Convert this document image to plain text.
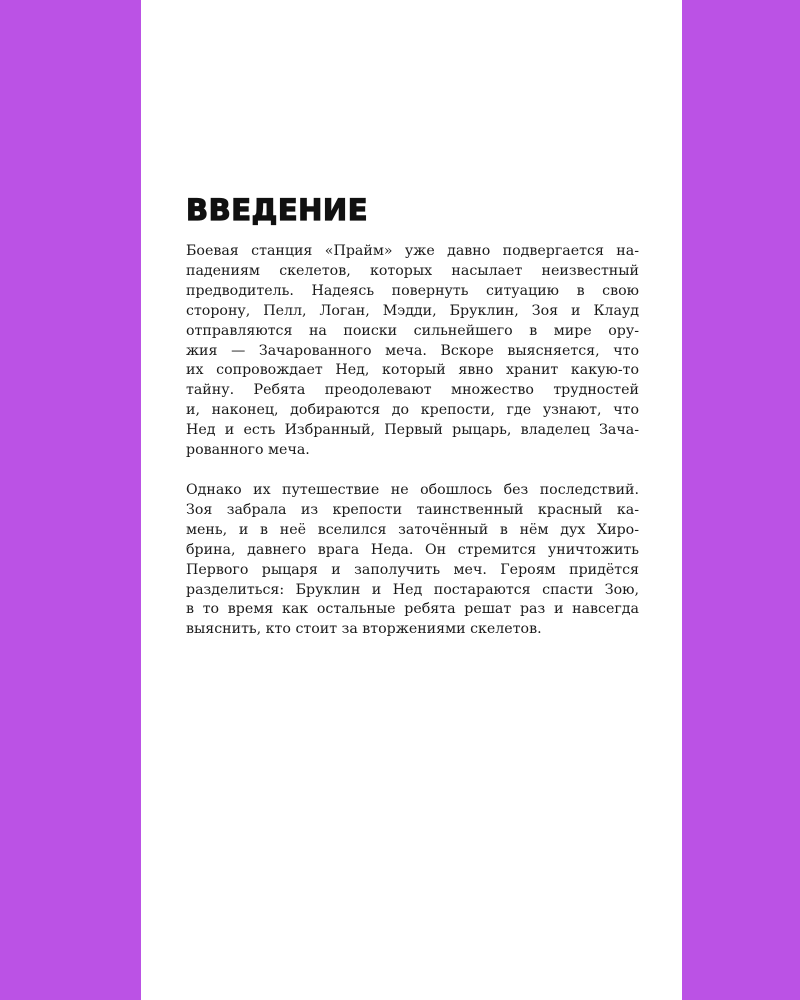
ВВЕДЕНИЕ

Боевая станция «Прайм» уже давно подвергается на-
падениям скелетов, которых насылает неизвестный
предводитель. Надеясь повернуть ситуацию в свою
сторону, Пелл, Логан, Мэдди, Бруклин, Зоя и Клауд
отправляются на поиски сильнейшего в мире ору-
жия — Зачарованного меча. Вскоре выясняется, что
их сопровождает Нед, который явно хранит какую-то
тайну. Ребята преодолевают множество трудностей
и, наконец, добираются до крепости, где узнают, что
Нед и есть Избранный, Первый рыцарь, владелец Зача-
рованного меча.

Однако их путешествие не обошлось без последствий.
Зоя забрала из крепости таинственный красный ка-
мень, и в неё вселился заточённый в нём дух Хиро-
брина, давнего врага Неда. Он стремится уничтожить
Первого рыцаря и заполучить меч. Героям придётся
разделиться: Бруклин и Нед постараются спасти Зою,
в то время как остальные ребята решат раз и навсегда
выяснить, кто стоит за вторжениями скелетов.
